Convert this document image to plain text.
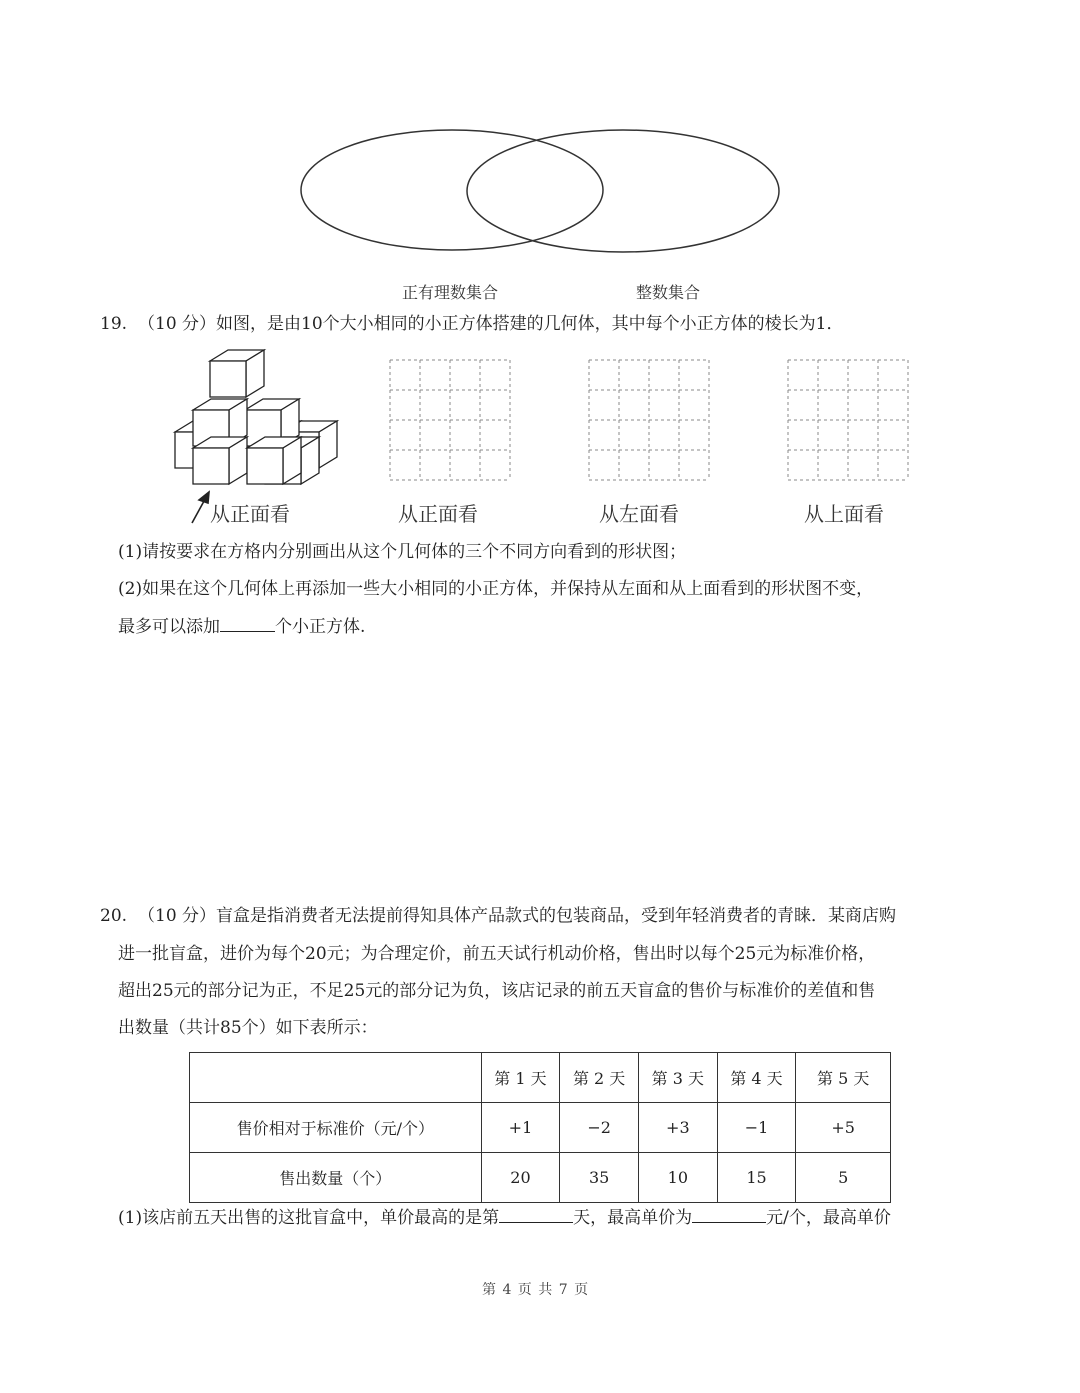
正有理数集合	整数集合
19. （10 分）如图，是由10个大小相同的小正方体搭建的几何体，其中每个小正方体的棱长为1．
从正面看	从正面看	从左面看	从上面看
(1)请按要求在方格内分别画出从这个几何体的三个不同方向看到的形状图；
(2)如果在这个几何体上再添加一些大小相同的小正方体，并保持从左面和从上面看到的形状图不变，
最多可以添加	个小正方体.
20. （10 分）盲盒是指消费者无法提前得知具体产品款式的包装商品，受到年轻消费者的青睐．某商店购
进一批盲盒，进价为每个20元；为合理定价，前五天试行机动价格，售出时以每个25元为标准价格，
超出25元的部分记为正，不足25元的部分记为负，该店记录的前五天盲盒的售价与标准价的差值和售
出数量（共计85个）如下表所示：
	第 1 天	第 2 天	第 3 天	第 4 天	第 5 天
售价相对于标准价（元/个）	+1	−2	+3	−1	+5
售出数量（个）	20	35	10	15	5
(1)该店前五天出售的这批盲盒中，单价最高的是第	天，最高单价为	元/个，最高单价
第 4 页 共 7 页
